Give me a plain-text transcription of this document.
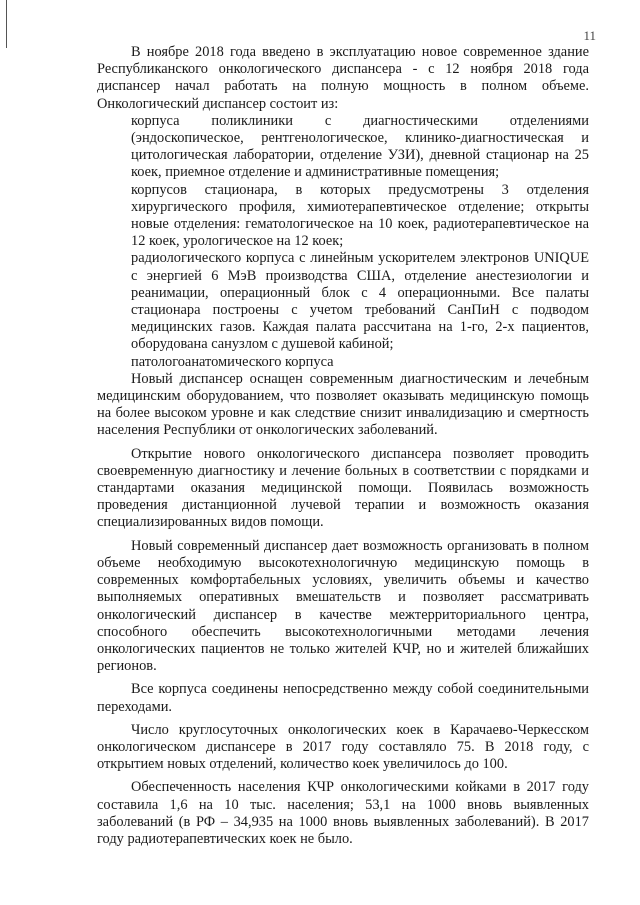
11

В ноябре 2018 года введено в эксплуатацию новое современное здание Республиканского онкологического диспансера - с 12 ноября 2018 года диспансер начал работать на полную мощность в полном объеме. Онкологический диспансер состоит из:

корпуса поликлиники с диагностическими отделениями (эндоскопическое, рентгенологическое, клинико-диагностическая и цитологическая лаборатории, отделение УЗИ), дневной стационар на 25 коек, приемное отделение и административные помещения;

корпусов стационара, в которых предусмотрены 3 отделения хирургического профиля, химиотерапевтическое отделение; открыты новые отделения: гематологическое на 10 коек, радиотерапевтическое на 12 коек, урологическое на 12 коек;

радиологического корпуса с линейным ускорителем электронов UNIQUE с энергией 6 МэВ производства США, отделение анестезиологии и реанимации, операционный блок с 4 операционными. Все палаты стационара построены с учетом требований СанПиН с подводом медицинских газов. Каждая палата рассчитана на 1-го, 2-х пациентов, оборудована санузлом с душевой кабиной;

патологоанатомического корпуса

Новый диспансер оснащен современным диагностическим и лечебным медицинским оборудованием, что позволяет оказывать медицинскую помощь на более высоком уровне и как следствие снизит инвалидизацию и смертность населения Республики от онкологических заболеваний.

Открытие нового онкологического диспансера позволяет проводить своевременную диагностику и лечение больных в соответствии с порядками и стандартами оказания медицинской помощи. Появилась возможность проведения дистанционной лучевой терапии и возможность оказания специализированных видов помощи.

Новый современный диспансер дает возможность организовать в полном объеме необходимую высокотехнологичную медицинскую помощь в современных комфортабельных условиях, увеличить объемы и качество выполняемых оперативных вмешательств и позволяет рассматривать онкологический диспансер в качестве межтерриториального центра, способного обеспечить высокотехнологичными методами лечения онкологических пациентов не только жителей КЧР, но и жителей ближайших регионов.

Все корпуса соединены непосредственно между собой соединительными переходами.

Число круглосуточных онкологических коек в Карачаево-Черкесском онкологическом диспансере в 2017 году составляло 75. В 2018 году, с открытием новых отделений, количество коек увеличилось до 100.

Обеспеченность населения КЧР онкологическими койками в 2017 году составила 1,6 на 10 тыс. населения; 53,1 на 1000 вновь выявленных заболеваний (в РФ – 34,935 на 1000 вновь выявленных заболеваний). В 2017 году радиотерапевтических коек не было.
